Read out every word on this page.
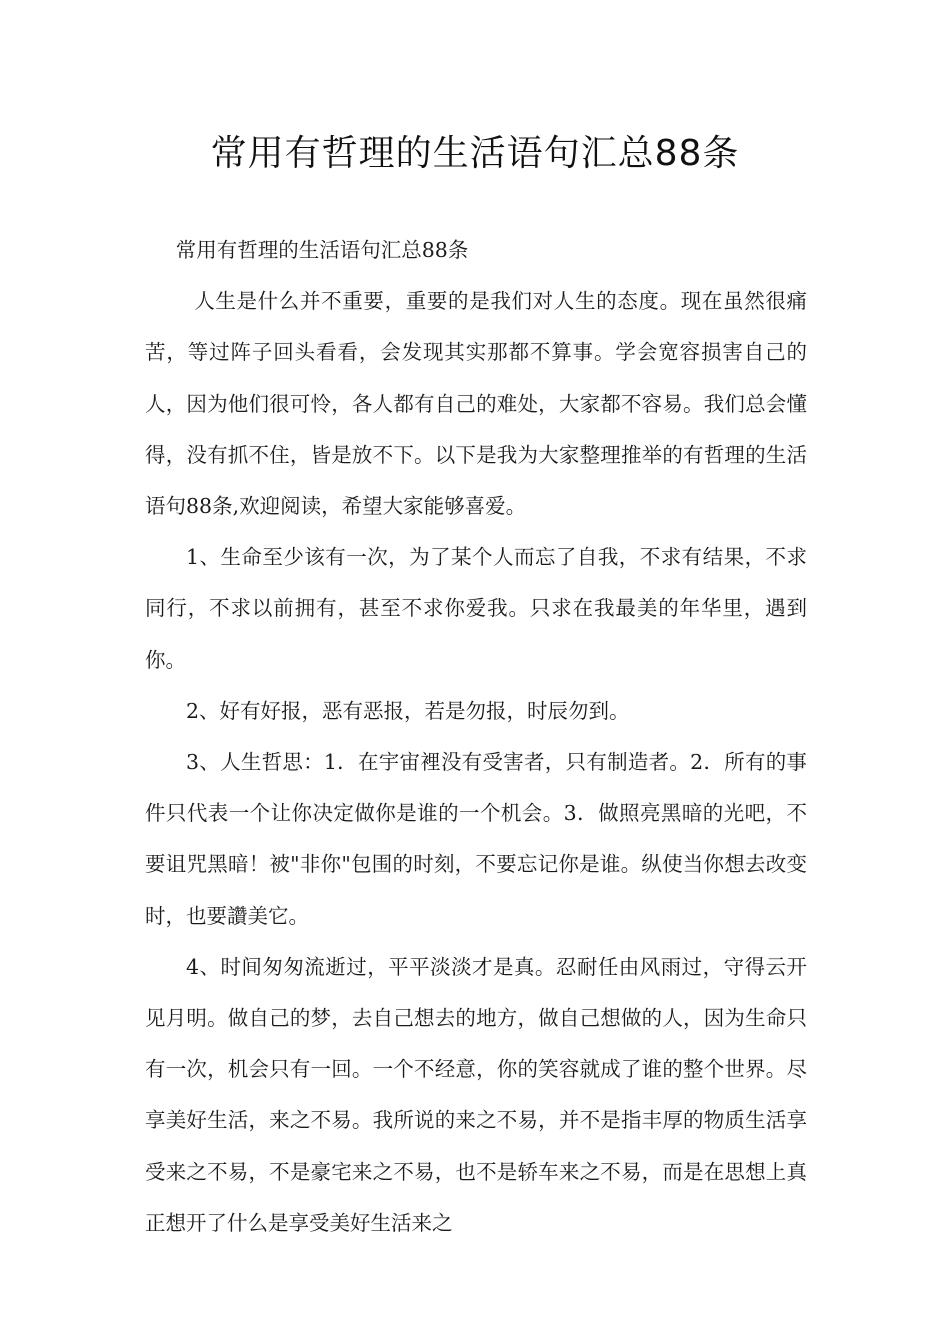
常用有哲理的生活语句汇总88条

常用有哲理的生活语句汇总88条

人生是什么并不重要，重要的是我们对人生的态度。现在虽然很痛苦，等过阵子回头看看，会发现其实那都不算事。学会宽容损害自己的人，因为他们很可怜，各人都有自己的难处，大家都不容易。我们总会懂得，没有抓不住，皆是放不下。以下是我为大家整理推举的有哲理的生活语句88条,欢迎阅读，希望大家能够喜爱。

1、生命至少该有一次，为了某个人而忘了自我，不求有结果，不求同行，不求以前拥有，甚至不求你爱我。只求在我最美的年华里，遇到你。

2、好有好报，恶有恶报，若是勿报，时辰勿到。

3、人生哲思：1．在宇宙裡没有受害者，只有制造者。2．所有的事件只代表一个让你决定做你是谁的一个机会。3．做照亮黑暗的光吧，不要诅咒黑暗！被"非你"包围的时刻，不要忘记你是谁。纵使当你想去改变时，也要讚美它。

4、时间匆匆流逝过，平平淡淡才是真。忍耐任由风雨过，守得云开见月明。做自己的梦，去自己想去的地方，做自己想做的人，因为生命只有一次，机会只有一回。一个不经意，你的笑容就成了谁的整个世界。尽享美好生活，来之不易。我所说的来之不易，并不是指丰厚的物质生活享受来之不易，不是豪宅来之不易，也不是轿车来之不易，而是在思想上真正想开了什么是享受美好生活来之
